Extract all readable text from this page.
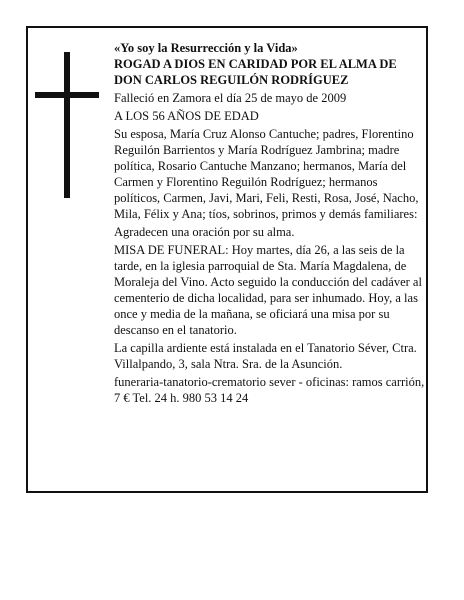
«Yo soy la Resurrección y la Vida»

ROGAD A DIOS EN CARIDAD POR EL ALMA DE DON CARLOS REGUILÓN RODRÍGUEZ

Falleció en Zamora el día 25 de mayo de 2009

A LOS 56 AÑOS DE EDAD

Su esposa, María Cruz Alonso Cantuche; padres, Florentino Reguilón Barrientos y María Rodríguez Jambrina; madre política, Rosario Cantuche Manzano; hermanos, María del Carmen y Florentino Reguilón Rodríguez; hermanos políticos, Carmen, Javi, Mari, Feli, Resti, Rosa, José, Nacho, Mila, Félix y Ana; tíos, sobrinos, primos y demás familiares:

Agradecen una oración por su alma.

MISA DE FUNERAL: Hoy martes, día 26, a las seis de la tarde, en la iglesia parroquial de Sta. María Magdalena, de Moraleja del Vino. Acto seguido la conducción del cadáver al cementerio de dicha localidad, para ser inhumado. Hoy, a las once y media de la mañana, se oficiará una misa por su descanso en el tanatorio.

La capilla ardiente está instalada en el Tanatorio Séver, Ctra. Villalpando, 3, sala Ntra. Sra. de la Asunción.

funeraria-tanatorio-crematorio sever - oficinas: ramos carrión, 7 € Tel. 24 h. 980 53 14 24
